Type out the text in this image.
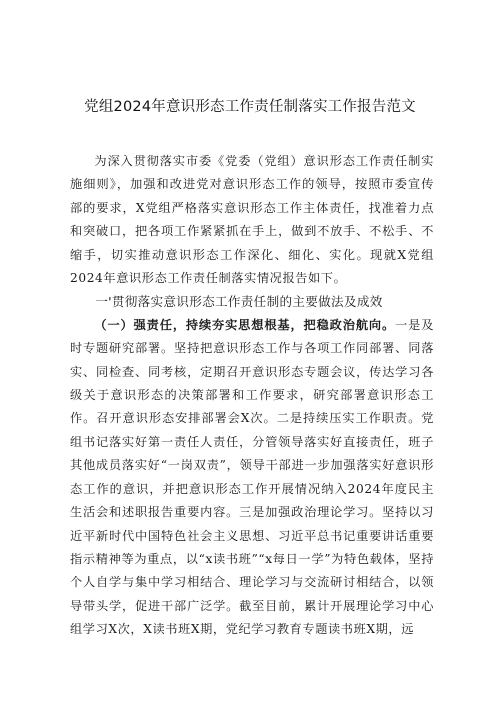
党组2024年意识形态工作责任制落实工作报告范文

为深入贯彻落实市委《党委（党组）意识形态工作责任制实施细则》，加强和改进党对意识形态工作的领导，按照市委宣传部的要求，X党组严格落实意识形态工作主体责任，找准着力点和突破口，把各项工作紧紧抓在手上，做到不放手、不松手、不缩手，切实推动意识形态工作深化、细化、实化。现就X党组2024年意识形态工作责任制落实情况报告如下。

一'贯彻落实意识形态工作责任制的主要做法及成效

（一）强责任，持续夯实思想根基，把稳政治航向。一是及时专题研究部署。坚持把意识形态工作与各项工作同部署、同落实、同检查、同考核，定期召开意识形态专题会议，传达学习各级关于意识形态的决策部署和工作要求，研究部署意识形态工作。召开意识形态安排部署会X次。二是持续压实工作职责。党组书记落实好第一责任人责任，分管领导落实好直接责任，班子其他成员落实好“一岗双责”，领导干部进一步加强落实好意识形态工作的意识，并把意识形态工作开展情况纳入2024年度民主生活会和述职报告重要内容。三是加强政治理论学习。坚持以习近平新时代中国特色社会主义思想、习近平总书记重要讲话重要指示精神等为重点，以“x读书班”“x每日一学”为特色载体，坚持个人自学与集中学习相结合、理论学习与交流研讨相结合，以领导带头学，促进干部广泛学。截至目前，累计开展理论学习中心组学习X次，X读书班X期，党纪学习教育专题读书班X期，远
